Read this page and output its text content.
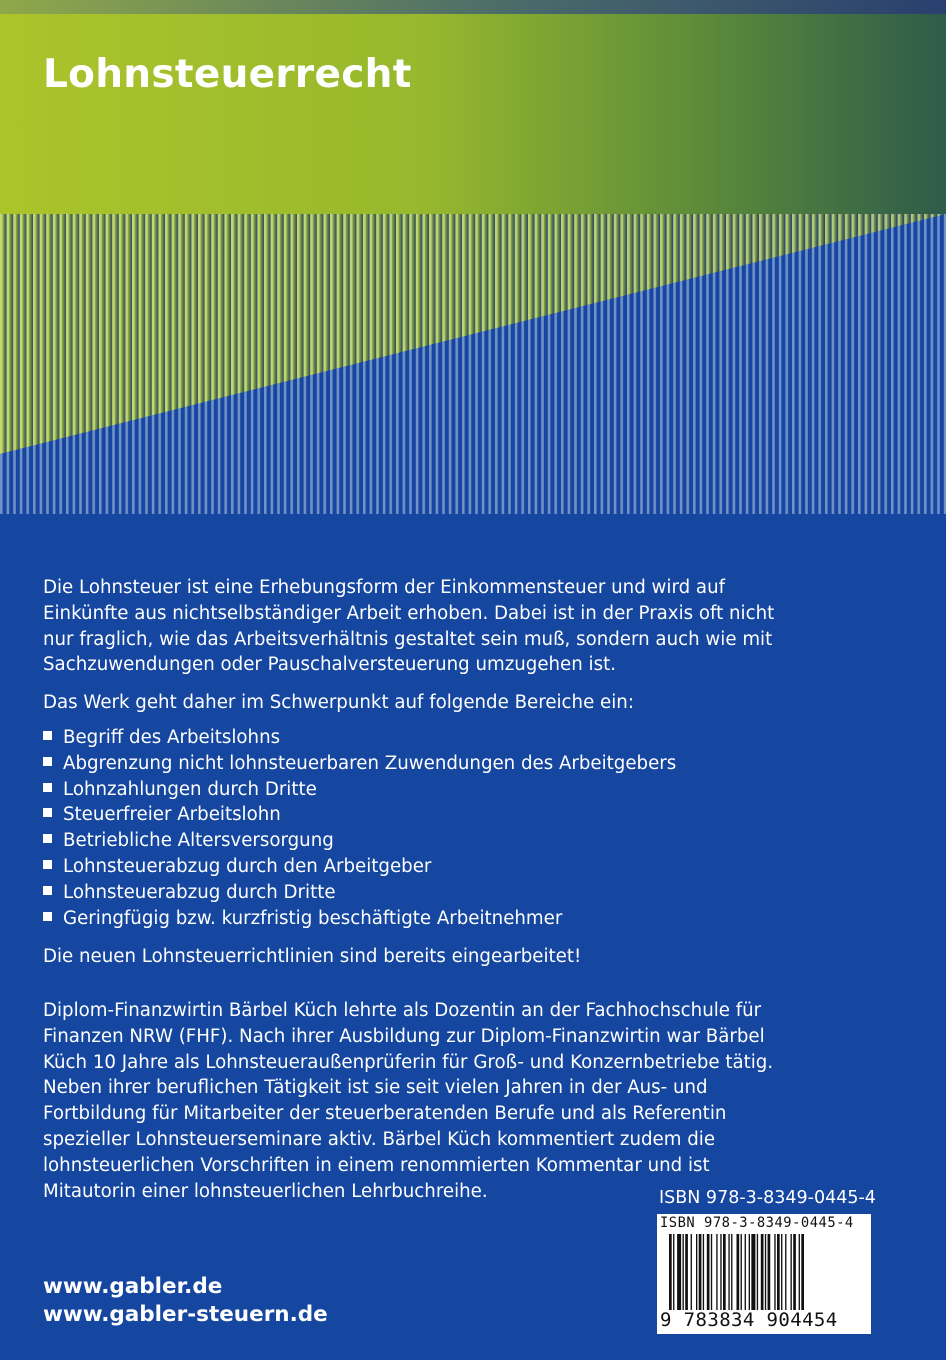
Lohnsteuerrecht
Die Lohnsteuer ist eine Erhebungsform der Einkommensteuer und wird auf Einkünfte aus nichtselbständiger Arbeit erhoben. Dabei ist in der Praxis oft nicht nur fraglich, wie das Arbeitsverhältnis gestaltet sein muß, sondern auch wie mit Sachzuwendungen oder Pauschalversteuerung umzugehen ist.
Das Werk geht daher im Schwerpunkt auf folgende Bereiche ein:
Begriff des Arbeitslohns
Abgrenzung nicht lohnsteuerbaren Zuwendungen des Arbeitgebers
Lohnzahlungen durch Dritte
Steuerfreier Arbeitslohn
Betriebliche Altersversorgung
Lohnsteuerabzug durch den Arbeitgeber
Lohnsteuerabzug durch Dritte
Geringfügig bzw. kurzfristig beschäftigte Arbeitnehmer
Die neuen Lohnsteuerrichtlinien sind bereits eingearbeitet!
Diplom-Finanzwirtin Bärbel Küch lehrte als Dozentin an der Fachhochschule für Finanzen NRW (FHF). Nach ihrer Ausbildung zur Diplom-Finanzwirtin war Bärbel Küch 10 Jahre als Lohnsteueraußenprüferin für Groß- und Konzernbetriebe tätig. Neben ihrer beruflichen Tätigkeit ist sie seit vielen Jahren in der Aus- und Fortbildung für Mitarbeiter der steuerberatenden Berufe und als Referentin spezieller Lohnsteuerseminare aktiv. Bärbel Küch kommentiert zudem die lohnsteuerlichen Vorschriften in einem renommierten Kommentar und ist Mitautorin einer lohnsteuerlichen Lehrbuchreihe.	ISBN 978-3-8349-0445-4
ISBN 978-3-8349-0445-4
9 783834 904454
www.gabler.de
www.gabler-steuern.de
